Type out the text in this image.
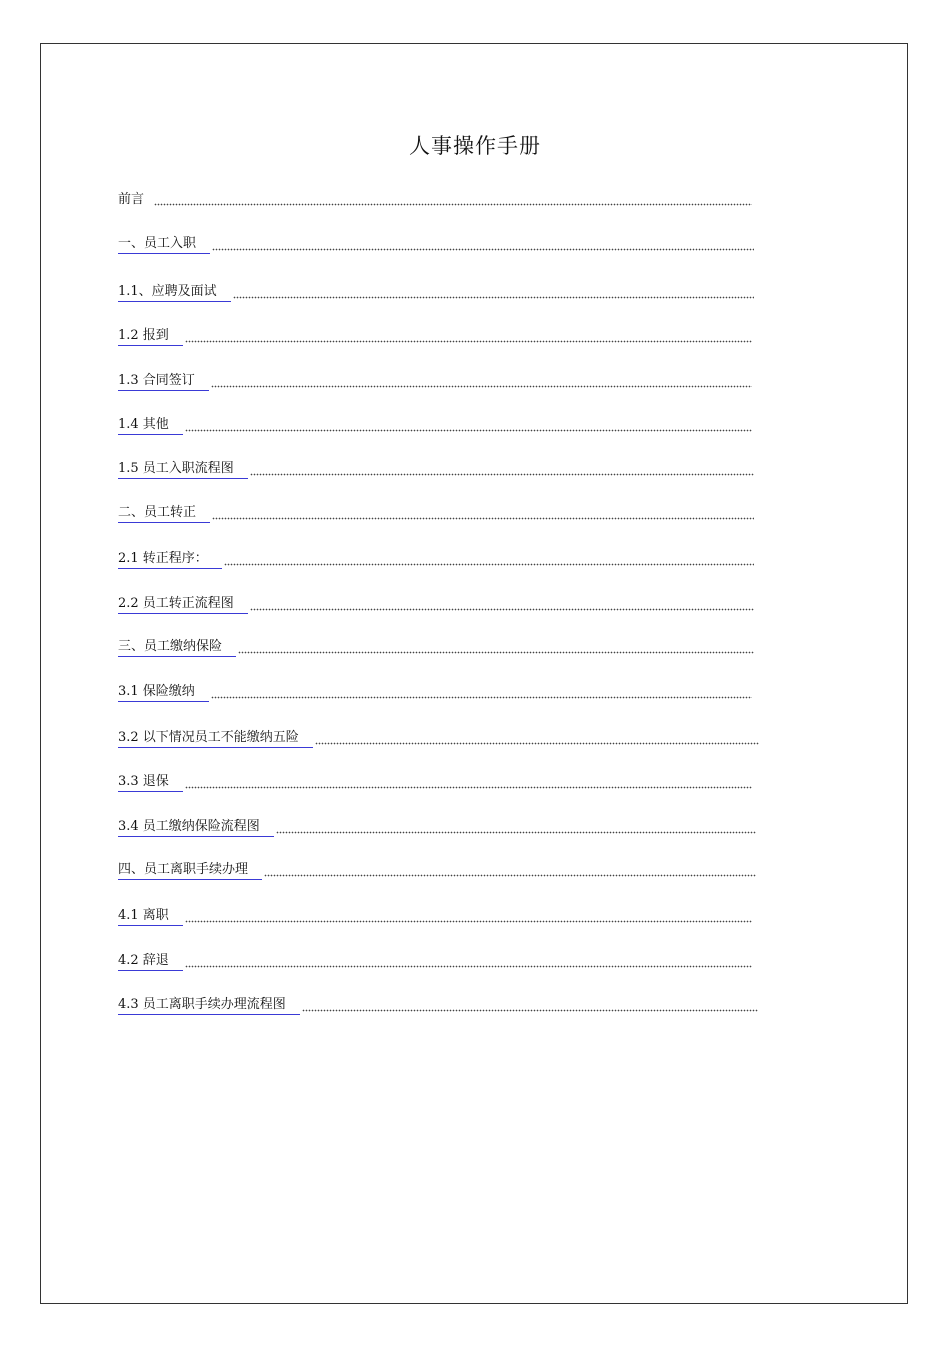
人事操作手册
前言
一、员工入职
1.1、应聘及面试
1.2 报到
1.3 合同签订
1.4 其他
1.5 员工入职流程图
二、员工转正
2.1 转正程序：
2.2 员工转正流程图
三、员工缴纳保险
3.1 保险缴纳
3.2 以下情况员工不能缴纳五险
3.3 退保
3.4 员工缴纳保险流程图
四、员工离职手续办理
4.1 离职
4.2 辞退
4.3 员工离职手续办理流程图
